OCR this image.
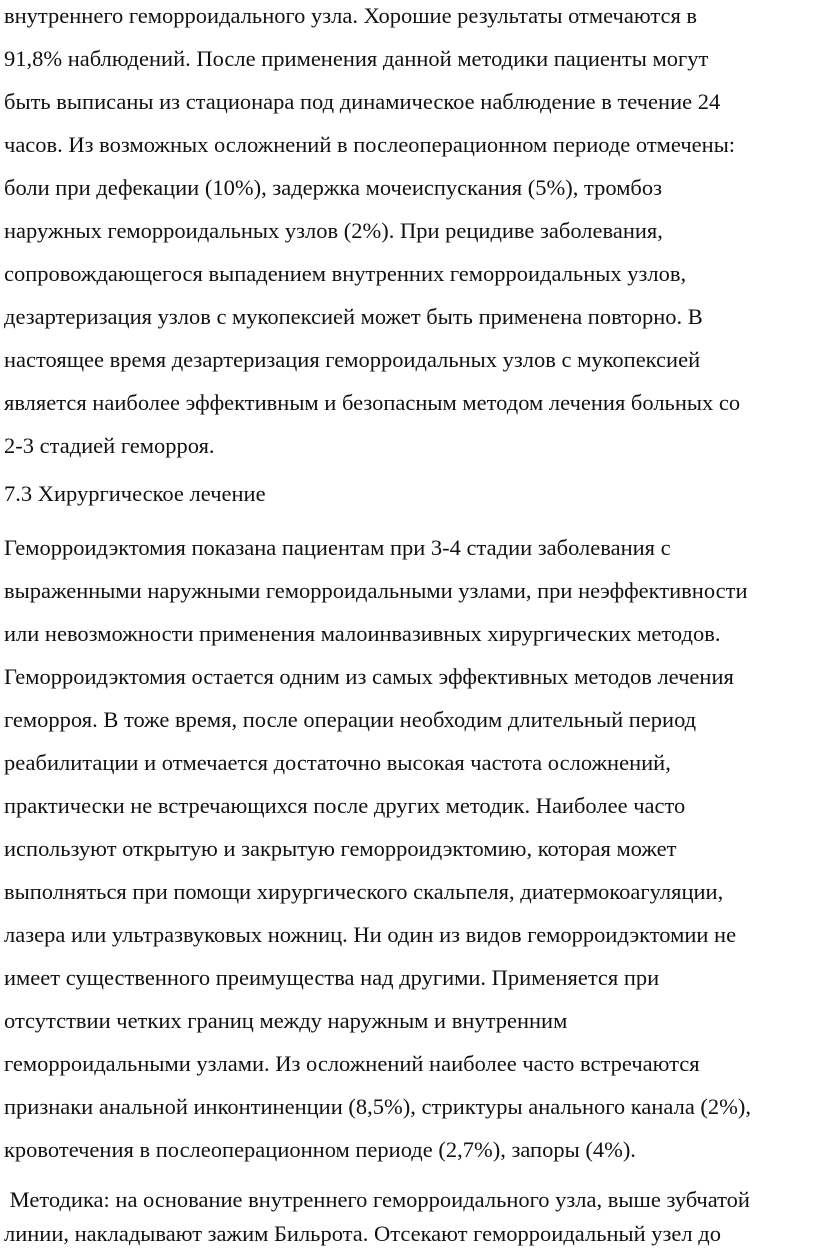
внутреннего геморроидального узла. Хорошие результаты отмечаются в
91,8% наблюдений. После применения данной методики пациенты могут
быть выписаны из стационара под динамическое наблюдение в течение 24
часов. Из возможных осложнений в послеоперационном периоде отмечены:
боли при дефекации (10%), задержка мочеиспускания (5%), тромбоз
наружных геморроидальных узлов (2%). При рецидиве заболевания,
сопровождающегося выпадением внутренних геморроидальных узлов,
дезартеризация узлов с мукопексией может быть применена повторно. В
настоящее время дезартеризация геморроидальных узлов с мукопексией
является наиболее эффективным и безопасным методом лечения больных со
2-3 стадией геморроя.
7.3 Хирургическое лечение
Геморроидэктомия показана пациентам при 3-4 стадии заболевания с
выраженными наружными геморроидальными узлами, при неэффективности
или невозможности применения малоинвазивных хирургических методов.
Геморроидэктомия остается одним из самых эффективных методов лечения
геморроя. В тоже время, после операции необходим длительный период
реабилитации и отмечается достаточно высокая частота осложнений,
практически не встречающихся после других методик. Наиболее часто
используют открытую и закрытую геморроидэктомию, которая может
выполняться при помощи хирургического скальпеля, диатермокоагуляции,
лазера или ультразвуковых ножниц. Ни один из видов геморроидэктомии не
имеет существенного преимущества над другими. Применяется при
отсутствии четких границ между наружным и внутренним
геморроидальными узлами. Из осложнений наиболее часто встречаются
признаки анальной инконтиненции (8,5%), стриктуры анального канала (2%),
кровотечения в послеоперационном периоде (2,7%), запоры (4%).
Методика: на основание внутреннего геморроидального узла, выше зубчатой
линии, накладывают зажим Бильрота. Отсекают геморроидальный узел до
